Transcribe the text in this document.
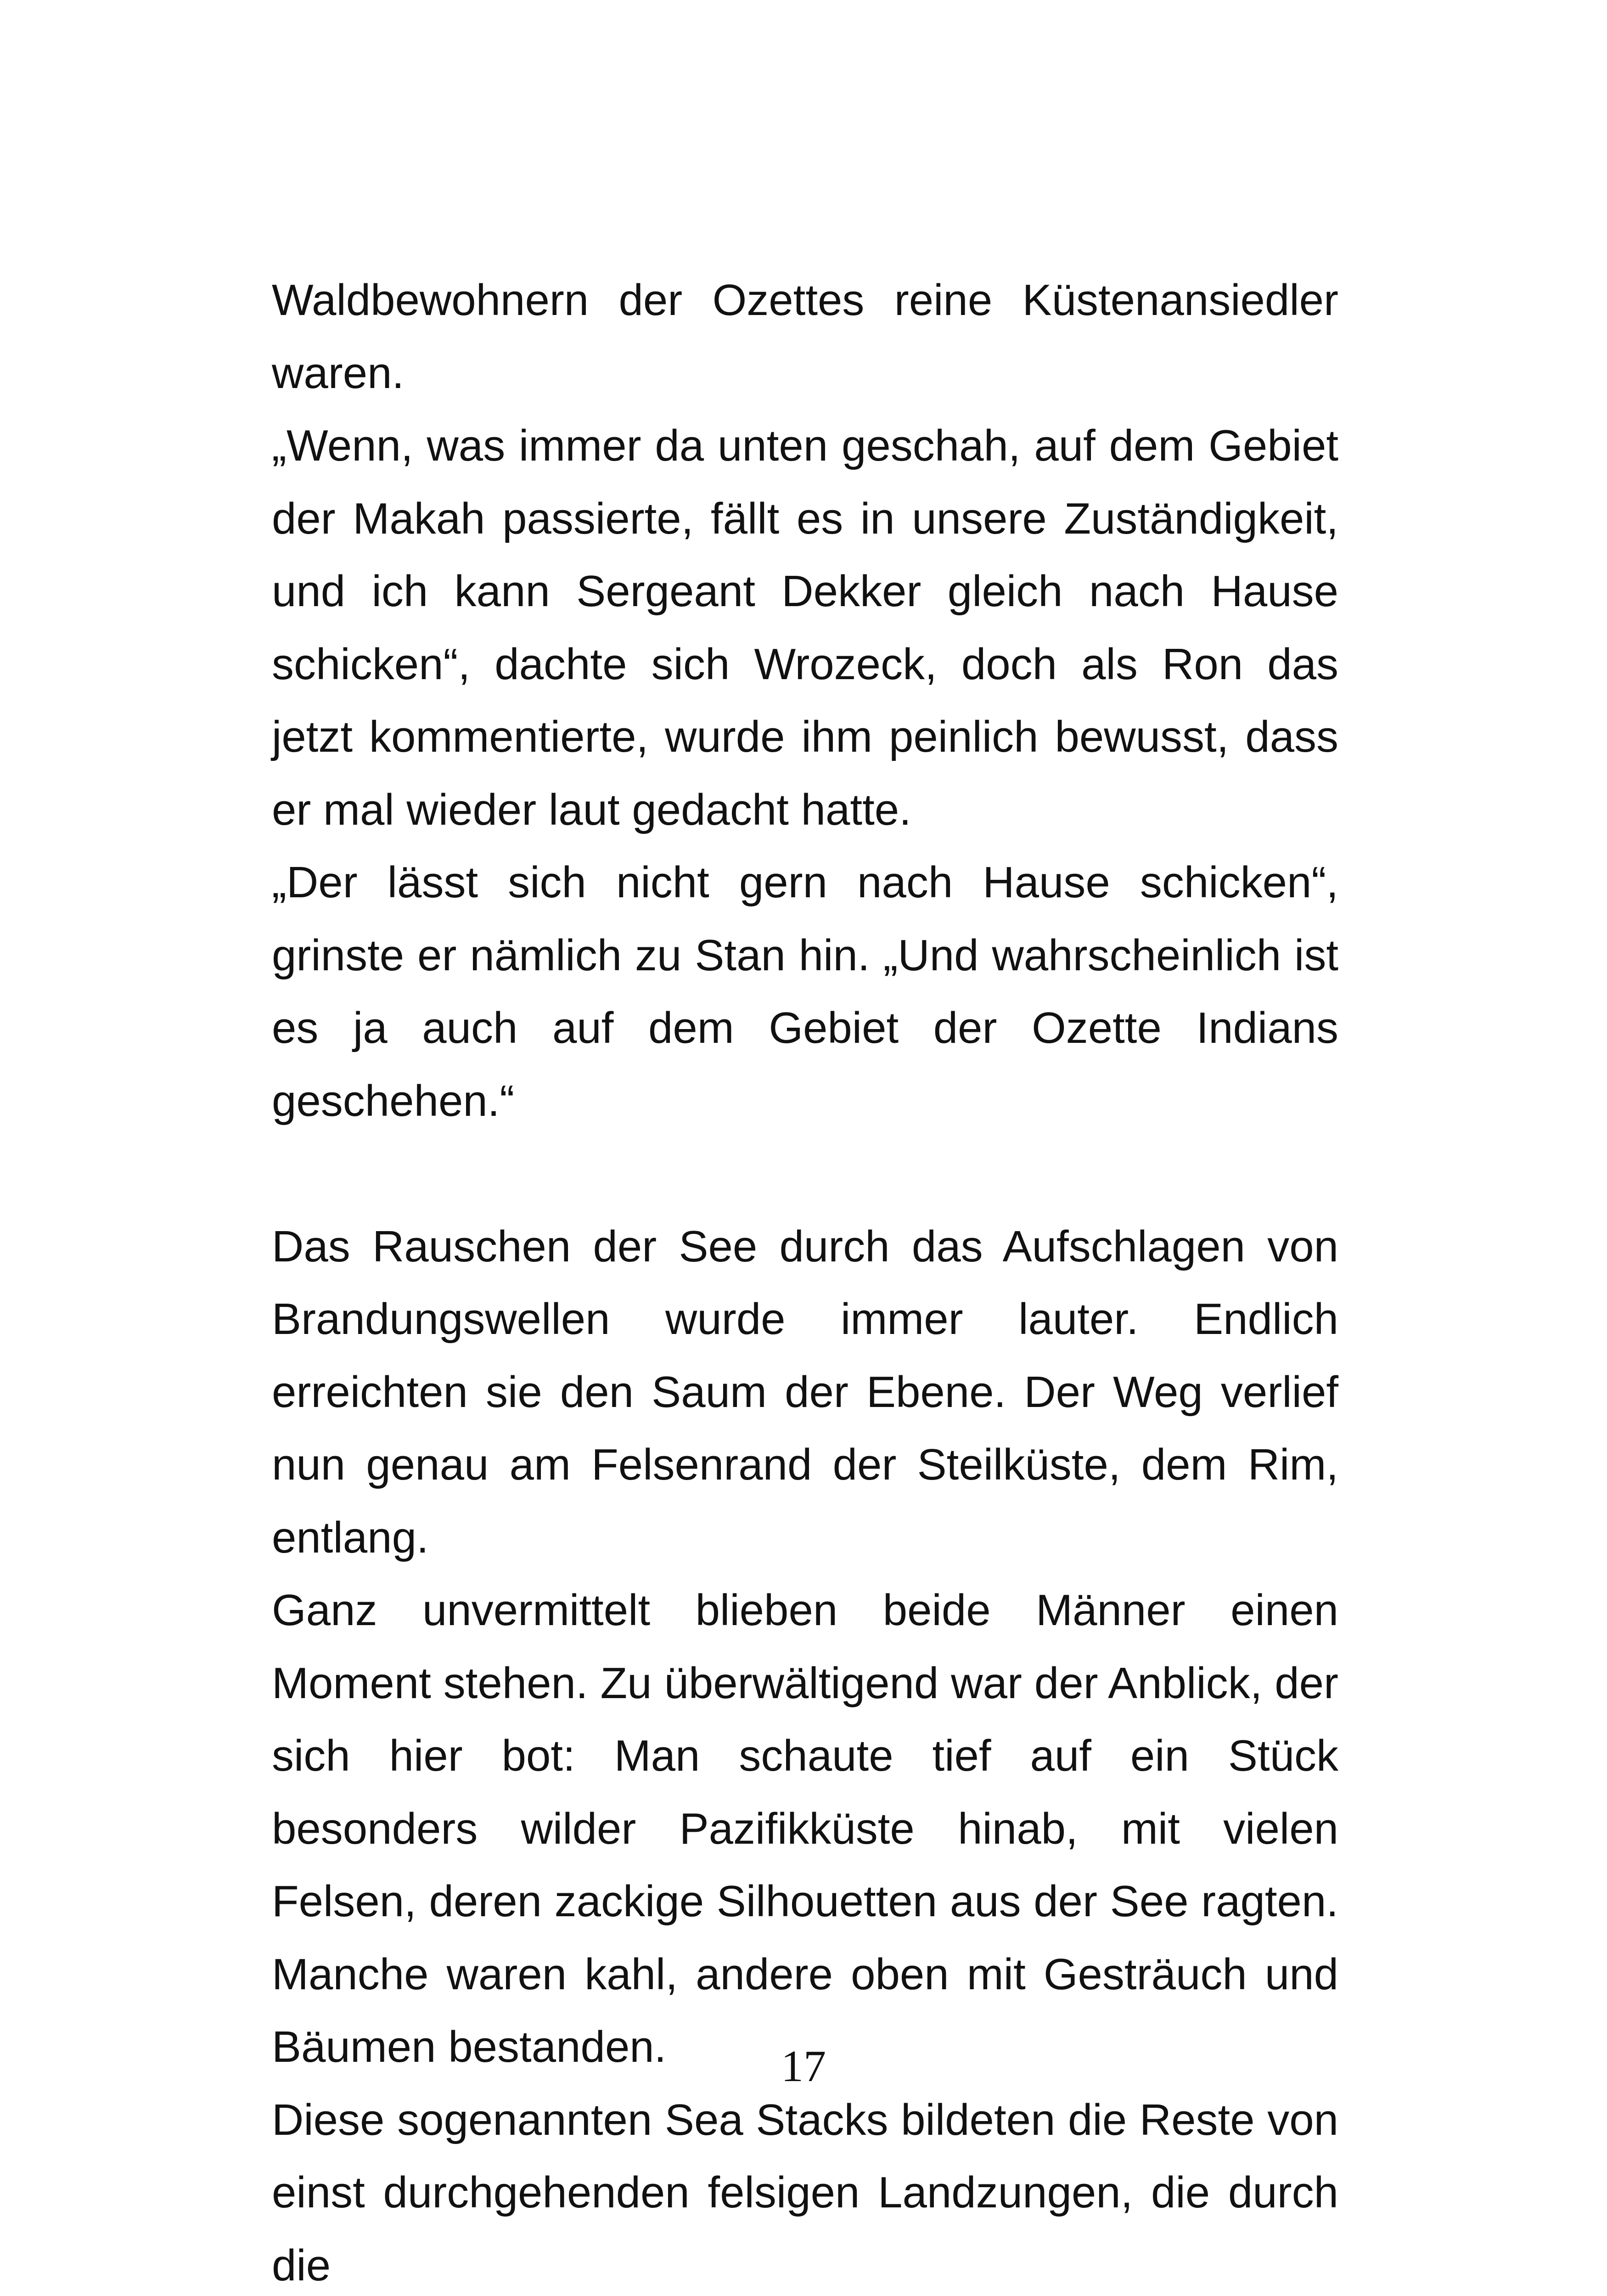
Waldbewohnern der Ozettes reine Küstenansiedler waren.

„Wenn, was immer da unten geschah, auf dem Gebiet der Makah passierte, fällt es in unsere Zuständigkeit, und ich kann Sergeant Dekker gleich nach Hause schicken“, dachte sich Wrozeck, doch als Ron das jetzt kommentierte, wurde ihm peinlich bewusst, dass er mal wieder laut gedacht hatte.

„Der lässt sich nicht gern nach Hause schicken“, grinste er nämlich zu Stan hin. „Und wahrscheinlich ist es ja auch auf dem Gebiet der Ozette Indians geschehen.“

Das Rauschen der See durch das Aufschlagen von Brandungswellen wurde immer lauter. Endlich erreichten sie den Saum der Ebene. Der Weg verlief nun genau am Felsenrand der Steilküste, dem Rim, entlang.

Ganz unvermittelt blieben beide Männer einen Moment stehen. Zu überwältigend war der Anblick, der sich hier bot: Man schaute tief auf ein Stück besonders wilder Pazifikküste hinab, mit vielen Felsen, deren zackige Silhouetten aus der See ragten. Manche waren kahl, andere oben mit Gesträuch und Bäumen bestanden.

Diese sogenannten Sea Stacks bildeten die Reste von einst durchgehenden felsigen Landzungen, die durch die

17
